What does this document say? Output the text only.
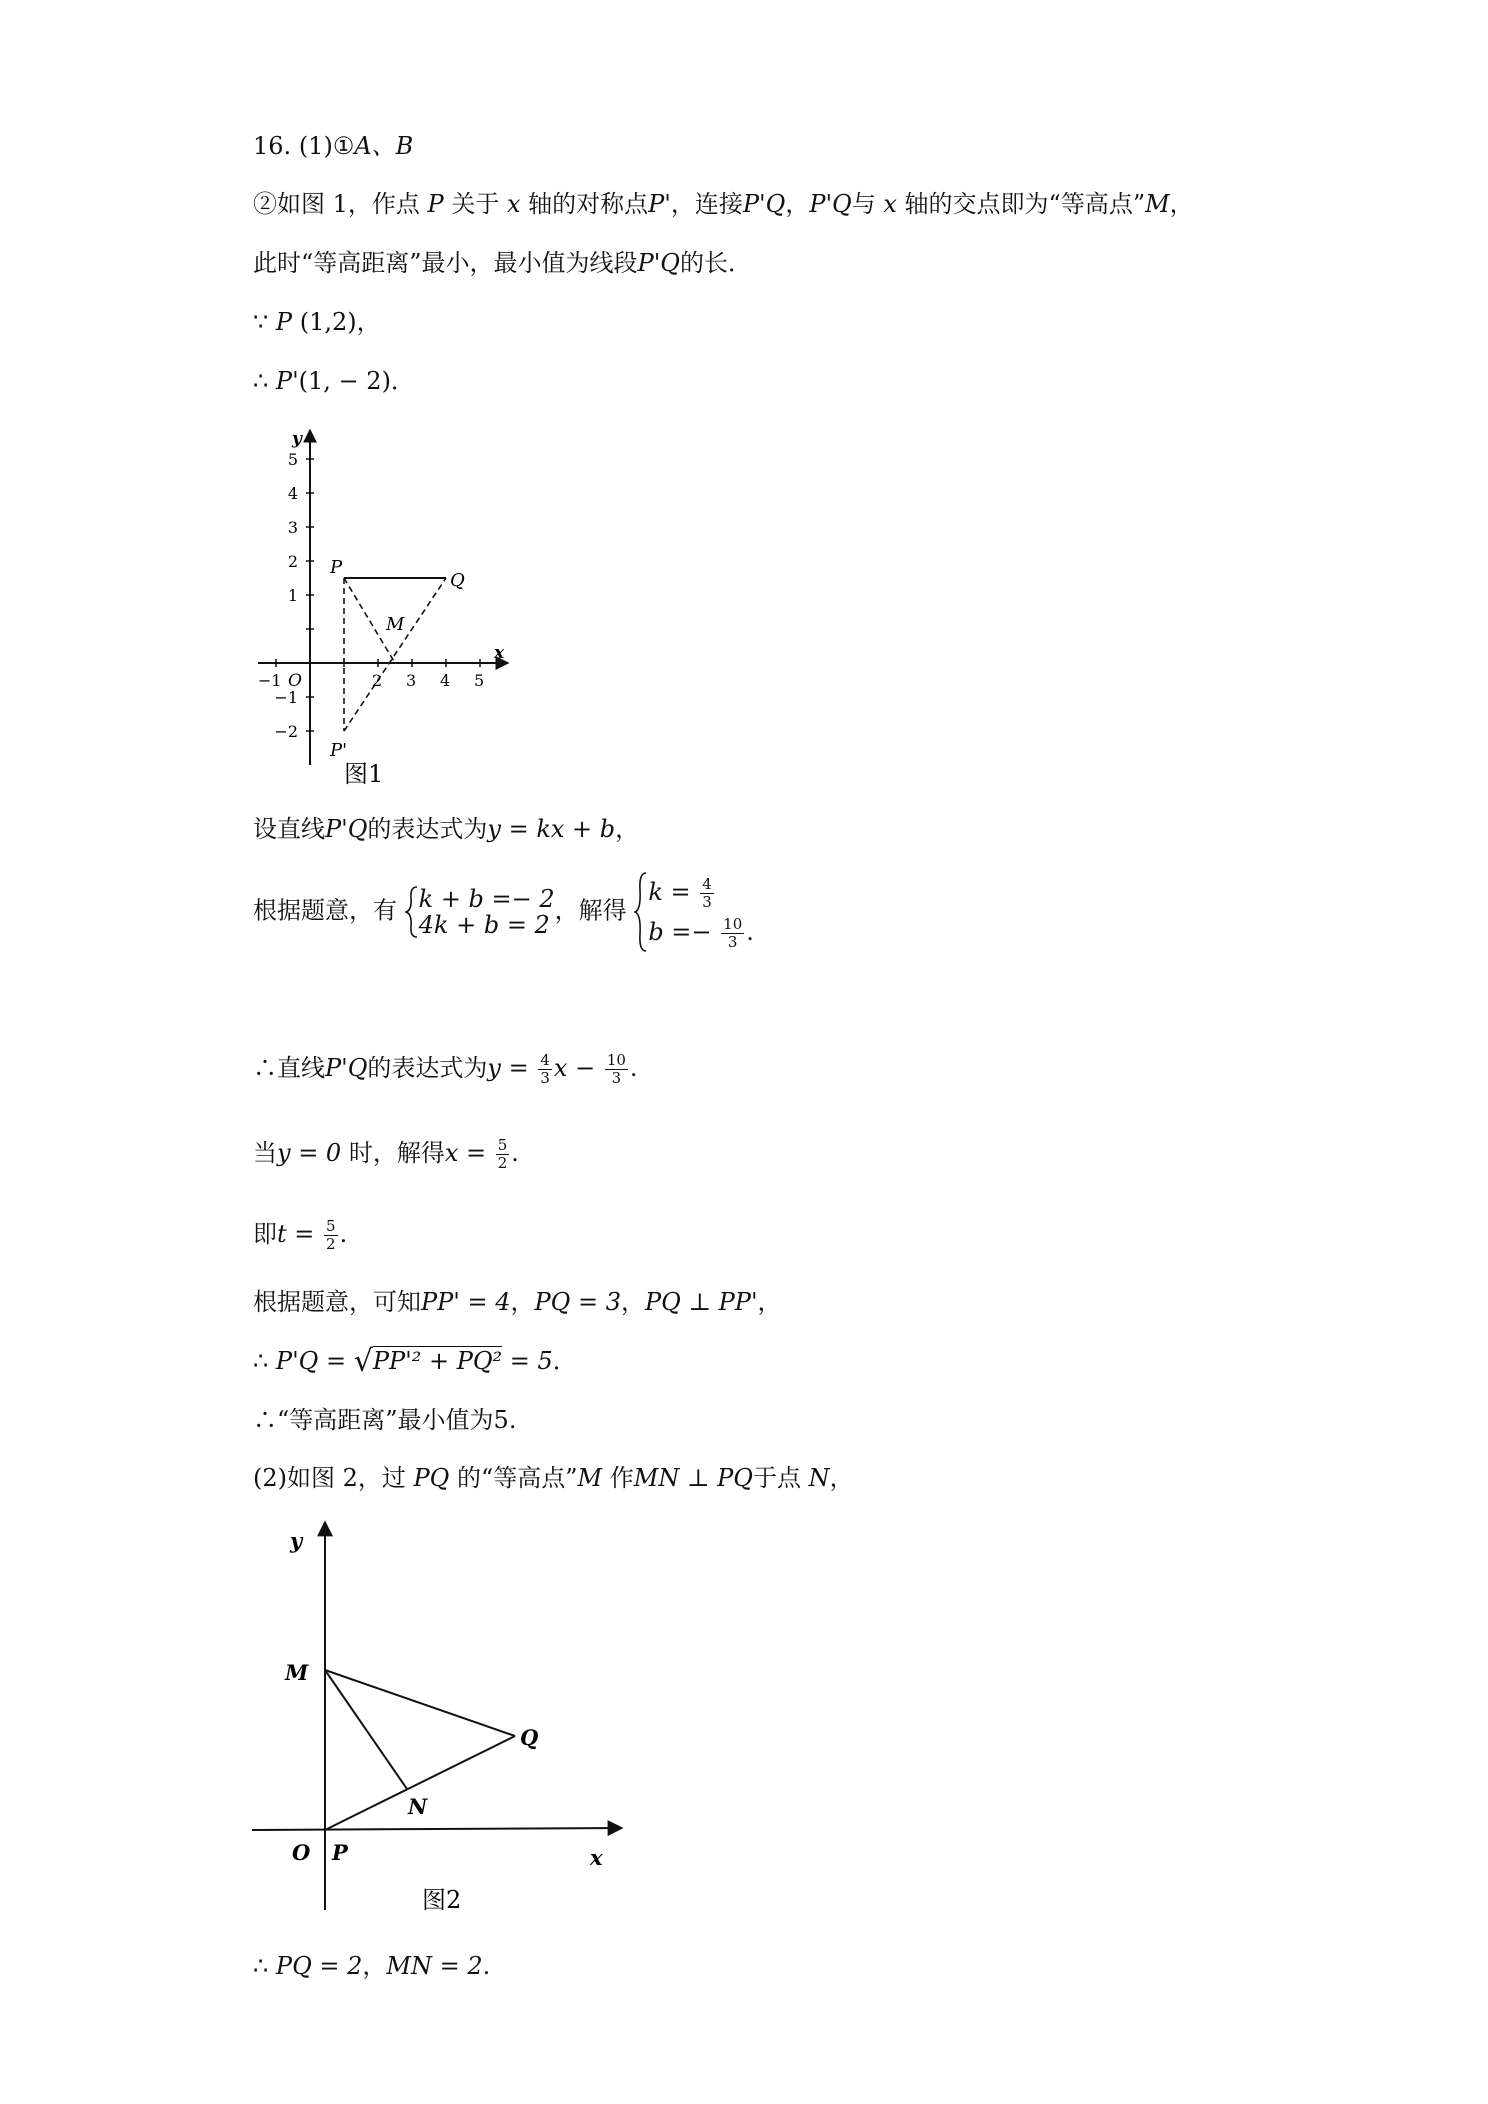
16. (1)①A、B
②如图 1，作点 P 关于 x 轴的对称点P'，连接P'Q，P'Q与 x 轴的交点即为“等高点”M，
此时“等高距离”最小，最小值为线段P'Q的长．
∵ P (1,2)，
∴ P'(1, − 2)．
y
x
O
−1	2 3 4 5
5
4
3
2
1
−1
−2
P
Q
M
P'
图1
设直线P'Q的表达式为y = kx + b，
根据题意，有 k + b =− 2
4k + b = 2
，解得
$k = \frac{4}{3}$
$b =- \frac{10}{3}$ .
∴直线P'Q的表达式为$y = \frac{4}{3}$ $x - \frac{10}{3}$ .
当y = 0 时，解得$x = \frac{5}{2}$ .
即$t = \frac{5}{2}$ .
根据题意，可知PP' = 4，PQ = 3，PQ ⊥ PP'，
∴ P'Q = √PP'² + PQ² = 5．
∴“等高距离”最小值为5.
(2)如图 2，过 PQ 的“等高点”M 作MN ⊥ PQ于点 N，
y
x
O P
M
Q
N
图2
∴ PQ = 2，MN = 2.
